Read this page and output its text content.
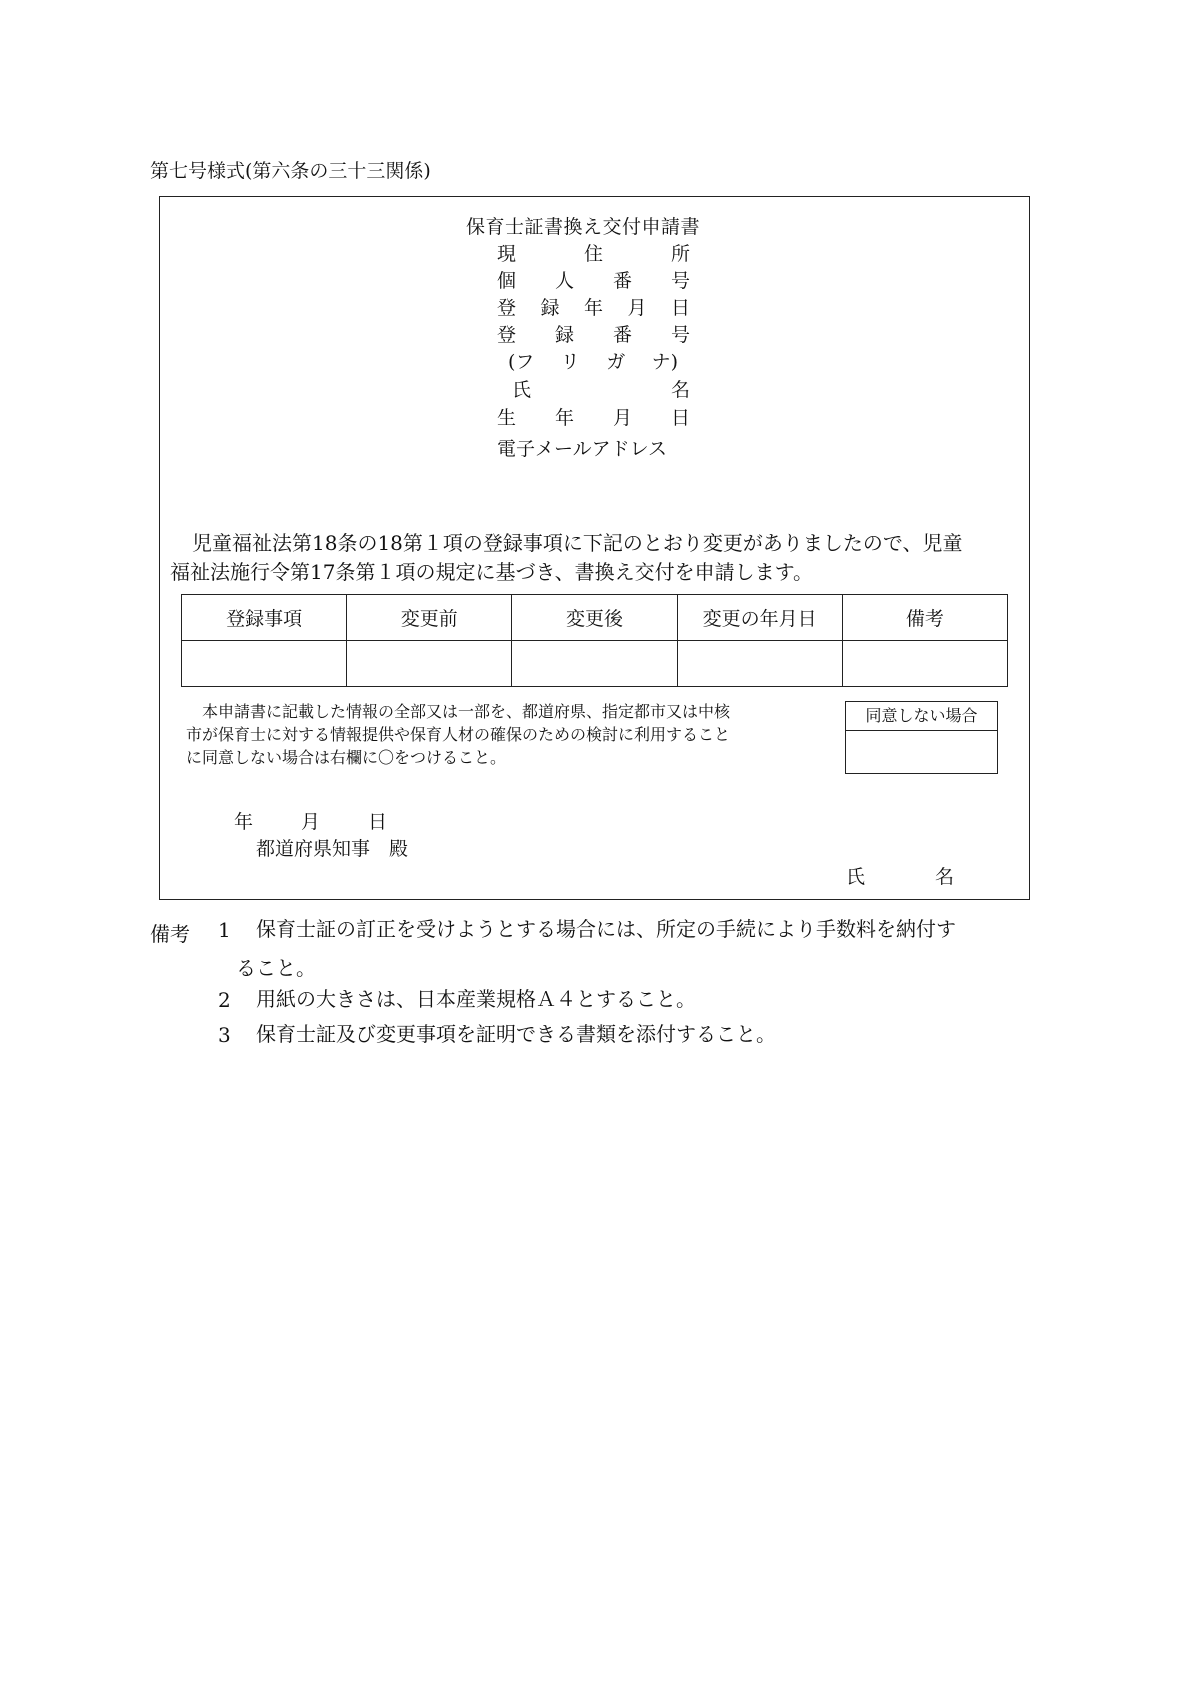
第七号様式(第六条の三十三関係)
保育士証書換え交付申請書
現	住	所
個 人 番 号
登 録 年 月 日
登 録 番 号
(フ リ ガ ナ)
氏	名
生 年 月 日
電子メールアドレス
児童福祉法第18条の18第１項の登録事項に下記のとおり変更がありましたので、児童
福祉法施行令第17条第１項の規定に基づき、書換え交付を申請します。
登録事項	変更前	変更後	変更の年月日	備考

本申請書に記載した情報の全部又は一部を、都道府県、指定都市又は中核
市が保育士に対する情報提供や保育人材の確保のための検討に利用すること
に同意しない場合は右欄に〇をつけること。
同意しない場合
年	月	日
都道府県知事　殿
氏	名
備考 1 保育士証の訂正を受けようとする場合には、所定の手続により手数料を納付す
ること。
2 用紙の大きさは、日本産業規格Ａ４とすること。
3 保育士証及び変更事項を証明できる書類を添付すること。
